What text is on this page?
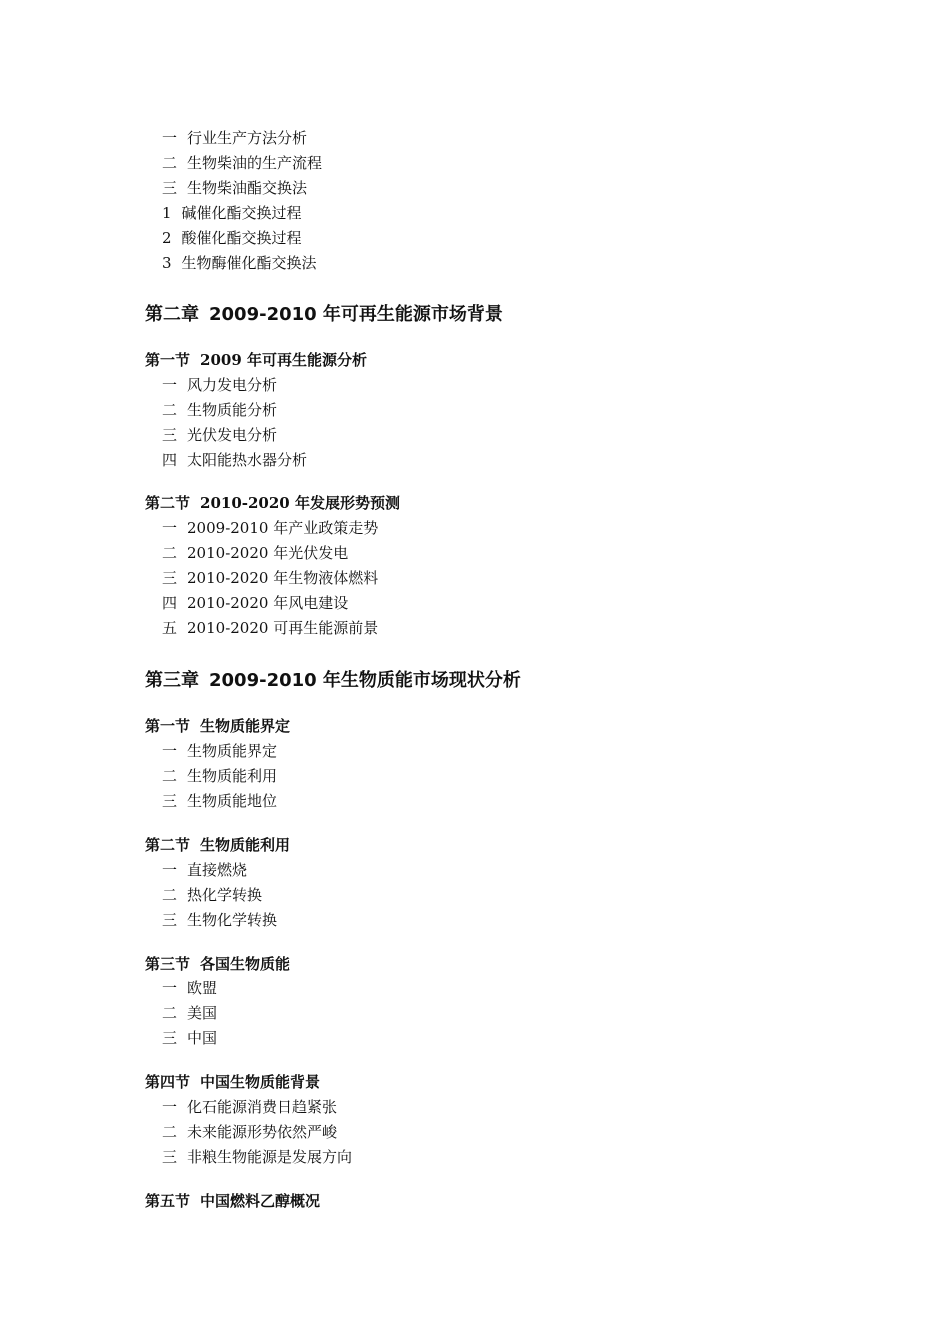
一 行业生产方法分析
二 生物柴油的生产流程
三 生物柴油酯交换法
1 碱催化酯交换过程
2 酸催化酯交换过程
3 生物酶催化酯交换法
第二章 2009-2010 年可再生能源市场背景
第一节 2009 年可再生能源分析
一 风力发电分析
二 生物质能分析
三 光伏发电分析
四 太阳能热水器分析
第二节 2010-2020 年发展形势预测
一 2009-2010 年产业政策走势
二 2010-2020 年光伏发电
三 2010-2020 年生物液体燃料
四 2010-2020 年风电建设
五 2010-2020 可再生能源前景
第三章 2009-2010 年生物质能市场现状分析
第一节 生物质能界定
一 生物质能界定
二 生物质能利用
三 生物质能地位
第二节 生物质能利用
一 直接燃烧
二 热化学转换
三 生物化学转换
第三节 各国生物质能
一 欧盟
二 美国
三 中国
第四节 中国生物质能背景
一 化石能源消费日趋紧张
二 未来能源形势依然严峻
三 非粮生物能源是发展方向
第五节 中国燃料乙醇概况
